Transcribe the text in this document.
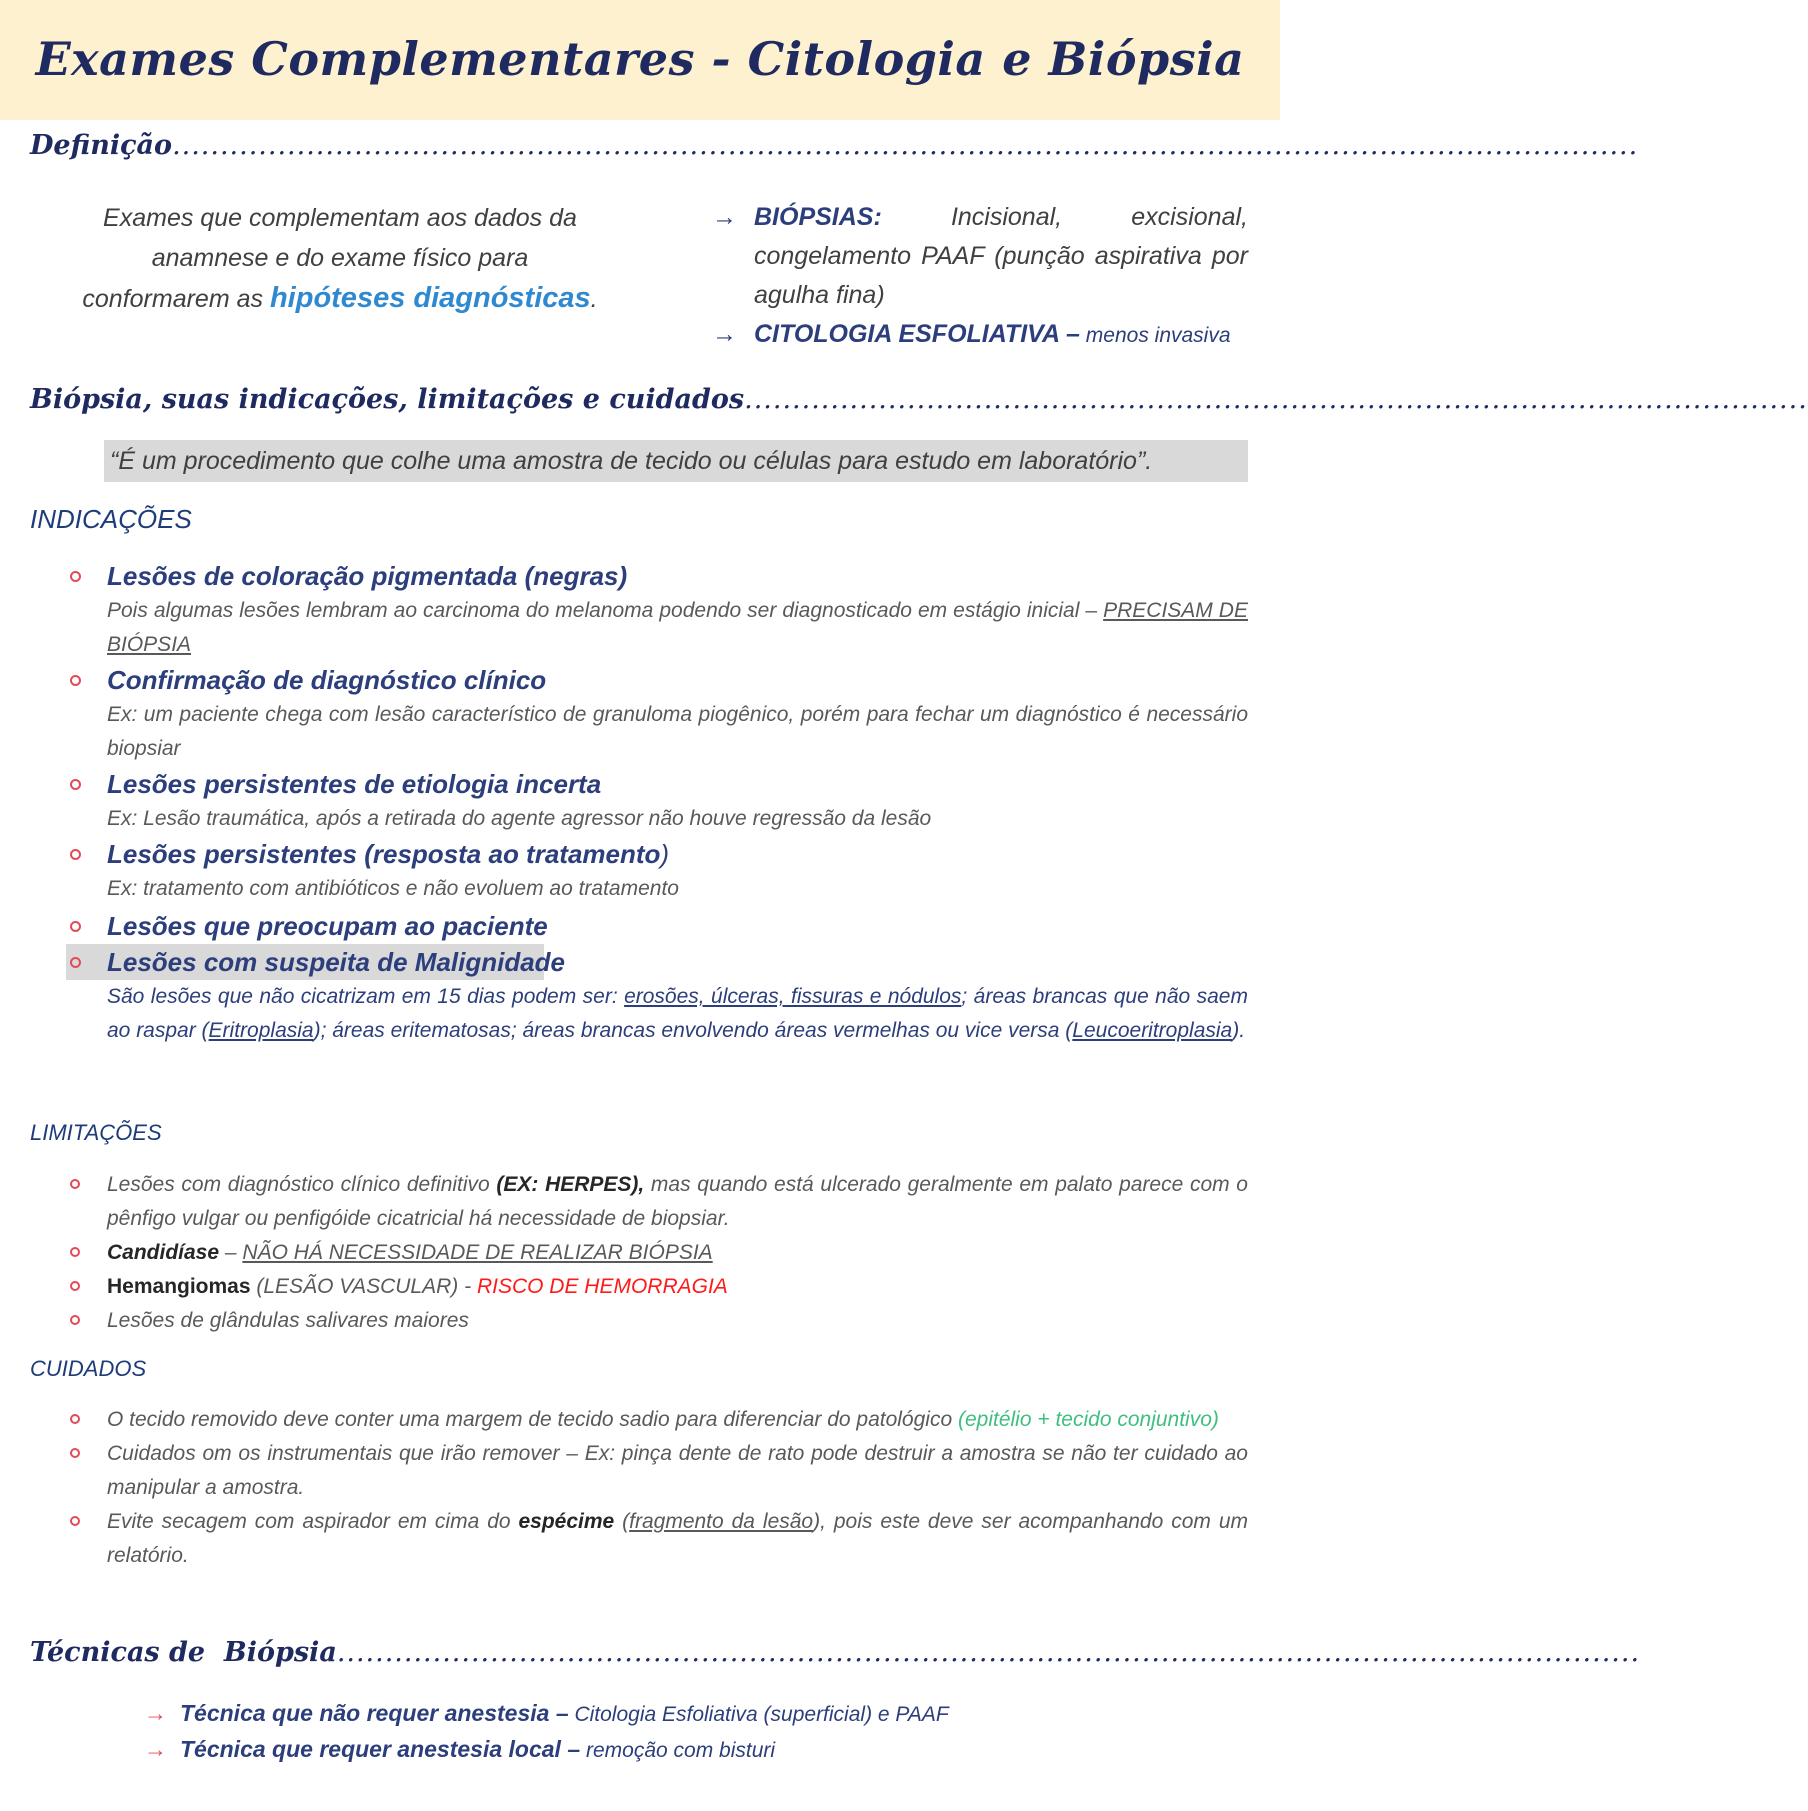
Exames Complementares - Citologia e Biópsia
Definição.........................................................................................................................................................
Exames que complementam aos dados da
anamnese e do exame físico para
conformarem as hipóteses diagnósticas.
→ BIÓPSIAS: Incisional, excisional, congelamento PAAF (punção aspirativa por agulha fina)
→ CITOLOGIA ESFOLIATIVA – menos invasiva
Biópsia, suas indicações, limitações e cuidados...............................................................................................................
“É um procedimento que colhe uma amostra de tecido ou células para estudo em laboratório”.
INDICAÇÕES
Lesões de coloração pigmentada (negras)
Pois algumas lesões lembram ao carcinoma do melanoma podendo ser diagnosticado em estágio inicial – PRECISAM DE BIÓPSIA
Confirmação de diagnóstico clínico
Ex: um paciente chega com lesão característico de granuloma piogênico, porém para fechar um diagnóstico é necessário biopsiar
Lesões persistentes de etiologia incerta
Ex: Lesão traumática, após a retirada do agente agressor não houve regressão da lesão
Lesões persistentes (resposta ao tratamento)
Ex: tratamento com antibióticos e não evoluem ao tratamento
Lesões que preocupam ao paciente
Lesões com suspeita de Malignidade
São lesões que não cicatrizam em 15 dias podem ser: erosões, úlceras, fissuras e nódulos; áreas brancas que não saem ao raspar (Eritroplasia); áreas eritematosas; áreas brancas envolvendo áreas vermelhas ou vice versa (Leucoeritroplasia).
LIMITAÇÕES
Lesões com diagnóstico clínico definitivo (EX: HERPES), mas quando está ulcerado geralmente em palato parece com o pênfigo vulgar ou penfigóide cicatricial há necessidade de biopsiar.
Candidíase – NÃO HÁ NECESSIDADE DE REALIZAR BIÓPSIA
Hemangiomas (LESÃO VASCULAR) - RISCO DE HEMORRAGIA
Lesões de glândulas salivares maiores
CUIDADOS
O tecido removido deve conter uma margem de tecido sadio para diferenciar do patológico (epitélio + tecido conjuntivo)
Cuidados om os instrumentais que irão remover – Ex: pinça dente de rato pode destruir a amostra se não ter cuidado ao manipular a amostra.
Evite secagem com aspirador em cima do espécime (fragmento da lesão), pois este deve ser acompanhando com um relatório.
Técnicas de  Biópsia........................................................................................................................................
→ Técnica que não requer anestesia – Citologia Esfoliativa (superficial) e PAAF
→ Técnica que requer anestesia local – remoção com bisturi
